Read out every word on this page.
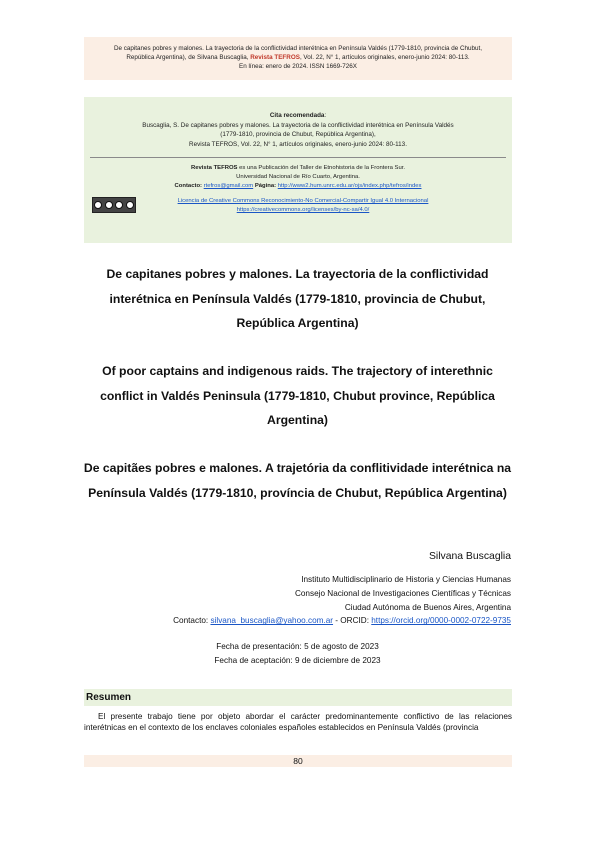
De capitanes pobres y malones. La trayectoria de la conflictividad interétnica en Península Valdés (1779-1810, provincia de Chubut,
República Argentina), de Silvana Buscaglia, Revista TEFROS, Vol. 22, N° 1, artículos originales, enero-junio 2024: 80-113.
En línea: enero de 2024. ISSN 1669-726X
Cita recomendada:
Buscaglia, S. De capitanes pobres y malones. La trayectoria de la conflictividad interétnica en Península Valdés
(1779-1810, provincia de Chubut, República Argentina),
Revista TEFROS, Vol. 22, N° 1, artículos originales, enero-junio 2024: 80-113.
Revista TEFROS es una Publicación del Taller de Etnohistoria de la Frontera Sur.
Universidad Nacional de Río Cuarto, Argentina.
Contacto: rtefros@gmail.com Página: http://www2.hum.unrc.edu.ar/ojs/index.php/tefros/index
Licencia de Creative Commons Reconocimiento-No Comercial-Compartir Igual 4.0 Internacional
https://creativecommons.org/licenses/by-nc-sa/4.0/
De capitanes pobres y malones. La trayectoria de la conflictividad interétnica en Península Valdés (1779-1810, provincia de Chubut, República Argentina)
Of poor captains and indigenous raids. The trajectory of interethnic conflict in Valdés Peninsula (1779-1810, Chubut province, República Argentina)
De capitães pobres e malones. A trajetória da conflitividade interétnica na Península Valdés (1779-1810, província de Chubut, República Argentina)
Silvana Buscaglia
Instituto Multidisciplinario de Historia y Ciencias Humanas
Consejo Nacional de Investigaciones Científicas y Técnicas
Ciudad Autónoma de Buenos Aires, Argentina
Contacto: silvana_buscaglia@yahoo.com.ar - ORCID: https://orcid.org/0000-0002-0722-9735
Fecha de presentación: 5 de agosto de 2023
Fecha de aceptación: 9 de diciembre de 2023
Resumen
El presente trabajo tiene por objeto abordar el carácter predominantemente conflictivo de las relaciones interétnicas en el contexto de los enclaves coloniales españoles establecidos en Península Valdés (provincia
80
